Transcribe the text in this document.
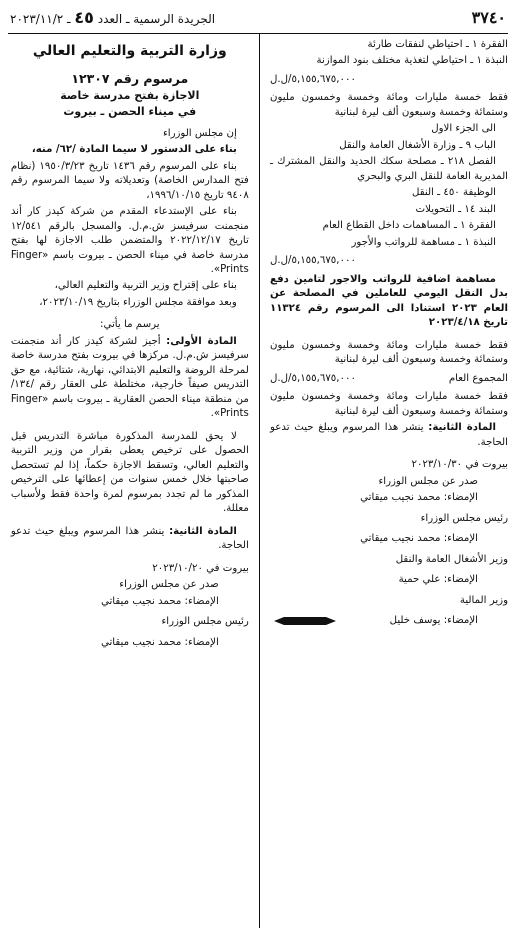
٣٧٤٠
الجريدة الرسمية ـ العدد ٤٥ ـ ٢٠٢٣/١١/٢

الفقرة ١ ـ احتياطي لنفقات طارئة

النبذة ١ ـ احتياطي لتغذية مختلف بنود الموازنة

٥,١٥٥,٦٧٥,٠٠٠/ل.ل

فقط خمسة مليارات ومائة وخمسة وخمسون مليون وستمائة وخمسة وسبعون ألف ليرة لبنانية

الى الجزء الاول

الباب ٩ ـ وزارة الأشغال العامة والنقل

الفصل ٢١٨ ـ مصلحة سكك الحديد والنقل المشترك ـ المديرية العامة للنقل البري والبحري

الوظيفة ٤٥٠ ـ النقل

البند ١٤ ـ التحويلات

الفقرة ١ ـ المساهمات داخل القطاع العام

النبذة ١ ـ مساهمة للرواتب والأجور

٥,١٥٥,٦٧٥,٠٠٠/ل.ل

مساهمة اضافية للرواتب والاجور لتامين دفع بدل النقل اليومي للعاملين في المصلحة عن العام ٢٠٢٣ استنادا الى المرسوم رقم ١١٣٢٤ تاريخ ٢٠٢٣/٤/١٨

فقط خمسة مليارات ومائة وخمسة وخمسون مليون وستمائة وخمسة وسبعون ألف ليرة لبنانية

المجموع العام
٥,١٥٥,٦٧٥,٠٠٠/ل.ل

فقط خمسة مليارات ومائة وخمسة وخمسون مليون وستمائة وخمسة وسبعون ألف ليرة لبنانية

المادة الثانية: ينشر هذا المرسوم ويبلغ حيث تدعو الحاجة.

بيروت في ٢٠٢٣/١٠/٣٠

صدر عن مجلس الوزراء

الإمضاء: محمد نجيب ميقاتي

رئيس مجلس الوزراء

الإمضاء: محمد نجيب ميقاتي

وزير الأشغال العامة والنقل

الإمضاء: علي حمية

وزير المالية

الإمضاء: يوسف خليل

وزارة التربية والتعليم العالي

مرسوم رقم ١٢٣٠٧

الاجازة بفتح مدرسة خاصة

في ميناء الحصن ـ بيروت

إن مجلس الوزراء

بناء على الدستور لا سيما المادة /٦٢/ منه،

بناء على المرسوم رقم ١٤٣٦ تاريخ ١٩٥٠/٣/٢٣ (نظام فتح المدارس الخاصة) وتعديلاته ولا سيما المرسوم رقم ٩٤٠٨ تاريخ ١٩٩٦/١٠/١٥،

بناء على الإستدعاء المقدم من شركة كيدز كار أند منجمنت سرفيسز ش.م.ل. والمسجل بالرقم ١٢/٥٤١ تاريخ ٢٠٢٢/١٢/١٧ والمتضمن طلب الاجازة لها بفتح مدرسة خاصة في ميناء الحصن ـ بيروت باسم «Finger Prints».

بناء على إقتراح وزير التربية والتعليم العالي،

وبعد موافقة مجلس الوزراء بتاريخ ٢٠٢٣/١٠/١٩،

يرسم ما يأتي:

المادة الأولى: أجيز لشركة كيدز كار أند منجمنت سرفيسز ش.م.ل. مركزها في بيروت بفتح مدرسة خاصة لمرحلة الروضة والتعليم الابتدائي، نهارية، شتائية، مع حق التدريس صيفاً خارجية، مختلطة على العقار رقم /١٣٤/ من منطقة ميناء الحصن العقارية ـ بيروت باسم «Finger Prints».

لا يحق للمدرسة المذكورة مباشرة التدريس قبل الحصول على ترخيص يعطى بقرار من وزير التربية والتعليم العالي، وتسقط الاجازة حكماً، إذا لم تستحصل صاحبتها خلال خمس سنوات من إعطائها على الترخيص المذكور ما لم تجدد بمرسوم لمرة واحدة فقط ولأسباب معللة.

المادة الثانية: ينشر هذا المرسوم ويبلغ حيث تدعو الحاجة.

بيروت في ٢٠٢٣/١٠/٢٠

صدر عن مجلس الوزراء

الإمضاء: محمد نجيب ميقاتي

رئيس مجلس الوزراء

الإمضاء: محمد نجيب ميقاتي
